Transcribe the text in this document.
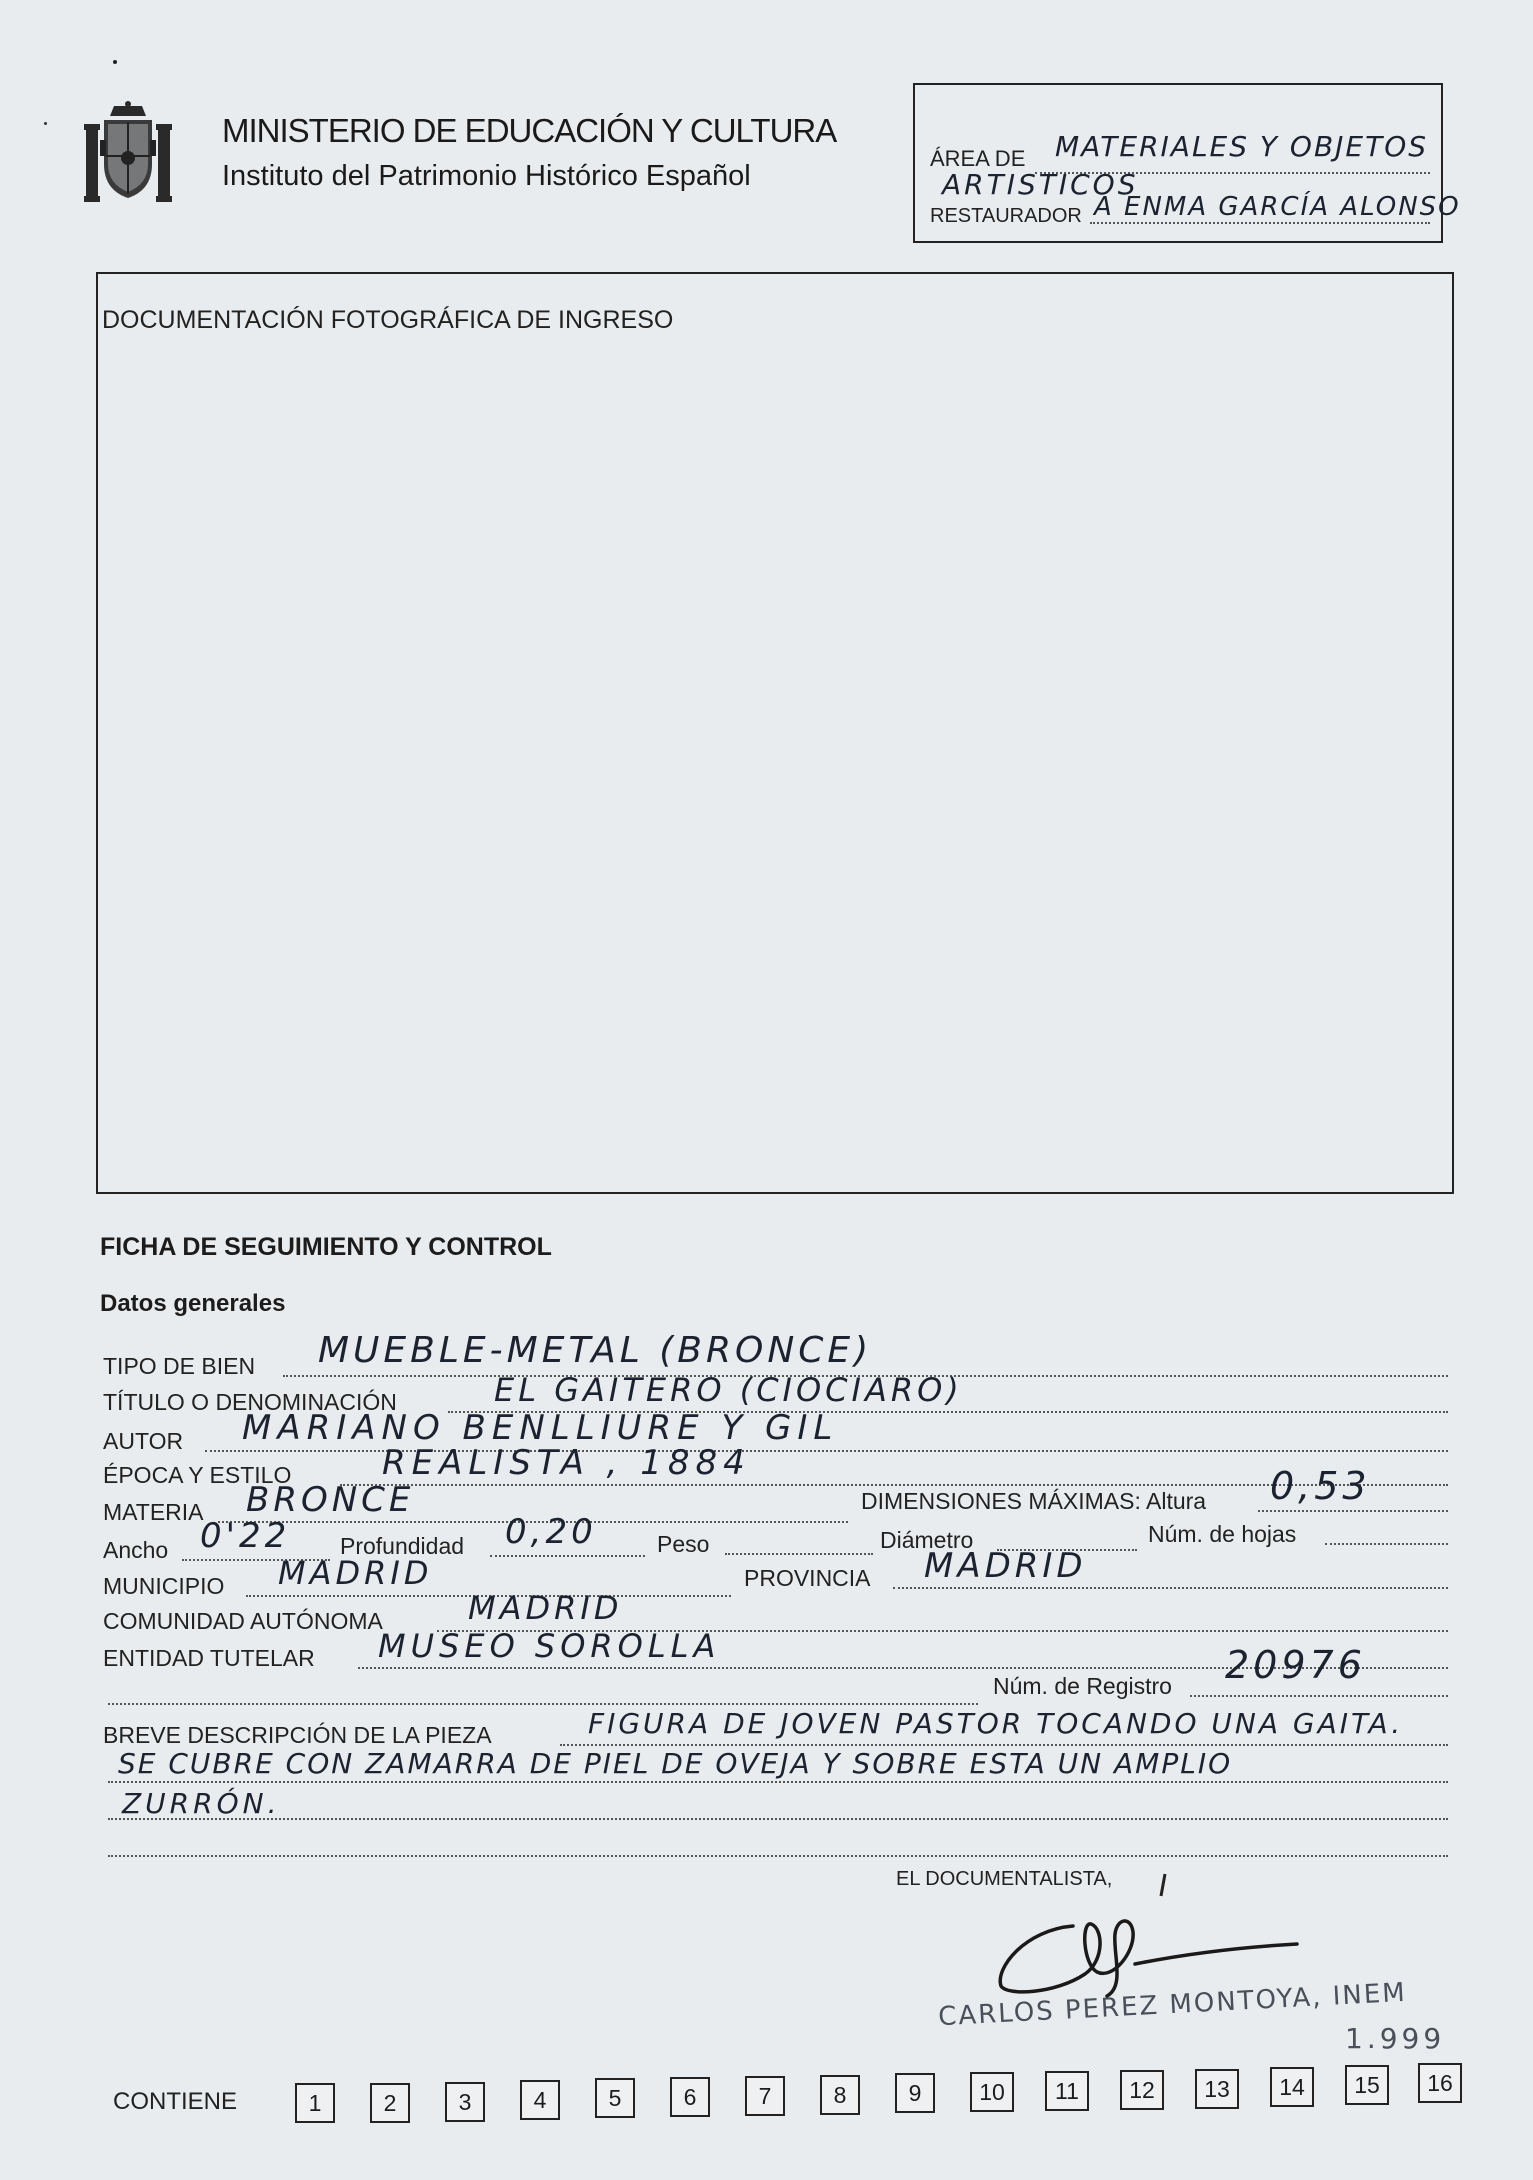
MINISTERIO DE EDUCACIÓN Y CULTURA
Instituto del Patrimonio Histórico Español
ÁREA DE MATERIALES Y OBJETOS
ARTISTICOS
RESTAURADOR A ENMA GARCÍA ALONSO
DOCUMENTACIÓN FOTOGRÁFICA DE INGRESO
FICHA DE SEGUIMIENTO Y CONTROL
Datos generales
TIPO DE BIEN MUEBLE-METAL (BRONCE)
TÍTULO O DENOMINACIÓN	EL GAITERO (CIOCIARO)
AUTOR MARIANO BENLLIURE Y GIL
ÉPOCA Y ESTILO	REALISTA , 1884
MATERIA BRONCE	DIMENSIONES MÁXIMAS: Altura 0,53
Ancho 0'22 Profundidad 0,20	Peso	Diámetro	Núm. de hojas
MUNICIPIO MADRID	PROVINCIA MADRID
COMUNIDAD AUTÓNOMA	MADRID
ENTIDAD TUTELAR MUSEO SOROLLA
Núm. de Registro 20976
BREVE DESCRIPCIÓN DE LA PIEZA	FIGURA DE JOVEN PASTOR TOCANDO UNA GAITA.
SE CUBRE CON ZAMARRA DE PIEL DE OVEJA Y SOBRE ESTA UN AMPLIO
ZURRÓN.
EL DOCUMENTALISTA,
CARLOS PEREZ MONTOYA, INEM
1.999
CONTIENE	1	2	3	4	5	6	7	8	9	10	11	12	13	14	15	16
